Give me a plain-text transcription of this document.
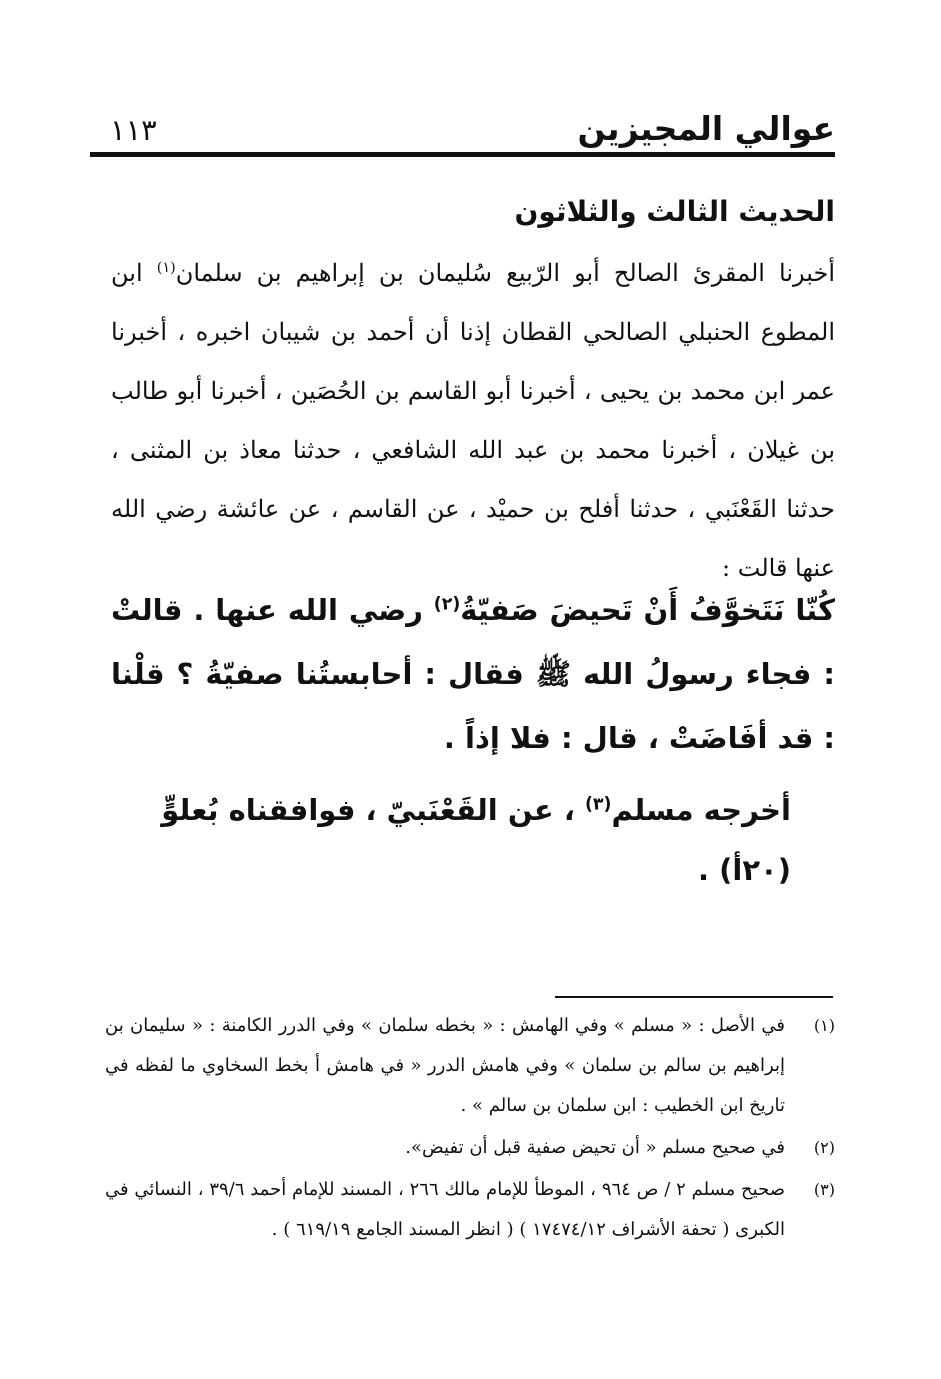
عوالي المجيزين
١١٣
الحديث الثالث والثلاثون
أخبرنا المقرئ الصالح أبو الرّبيع سُليمان بن إبراهيم بن سلمان$^{(١)}$ ابن المطوع الحنبلي الصالحي القطان إذنا أن أحمد بن شيبان اخبره ، أخبرنا عمر ابن محمد بن يحيى ، أخبرنا أبو القاسم بن الحُصَين ، أخبرنا أبو طالب بن غيلان ، أخبرنا محمد بن عبد الله الشافعي ، حدثنا معاذ بن المثنى ، حدثنا القَعْنَبي ، حدثنا أفلح بن حميْد ، عن القاسم ، عن عائشة رضي الله عنها قالت :
كُنّا نَتَخوَّفُ أَنْ تَحيضَ صَفيّةُ$^{(٢)}$ رضي الله عنها . قالتْ : فجاء رسولُ الله ﷺ فقال : أحابستُنا صفيّةُ ؟ قلْنا : قد أفَاضَتْ ، قال : فلا إذاً .
أخرجه مسلم$^{(٣)}$ ، عن القَعْنَبيّ ، فوافقناه بُعلوٍّ (٢٠أ) .
(١)
في الأصل : « مسلم » وفي الهامش : « بخطه سلمان » وفي الدرر الكامنة : « سليمان بن إبراهيم بن سالم بن سلمان » وفي هامش الدرر « في هامش أ بخط السخاوي ما لفظه في تاريخ ابن الخطيب : ابن سلمان بن سالم » .
(٢)
في صحيح مسلم « أن تحيض صفية قبل أن تفيض».
(٣)
صحيح مسلم ٢ / ص ٩٦٤ ، الموطأ للإمام مالك ٢٦٦ ، المسند للإمام أحمد ٣٩/٦ ، النسائي في الكبرى ( تحفة الأشراف ١٧٤٧٤/١٢ ) ( انظر المسند الجامع ٦١٩/١٩ ) .
